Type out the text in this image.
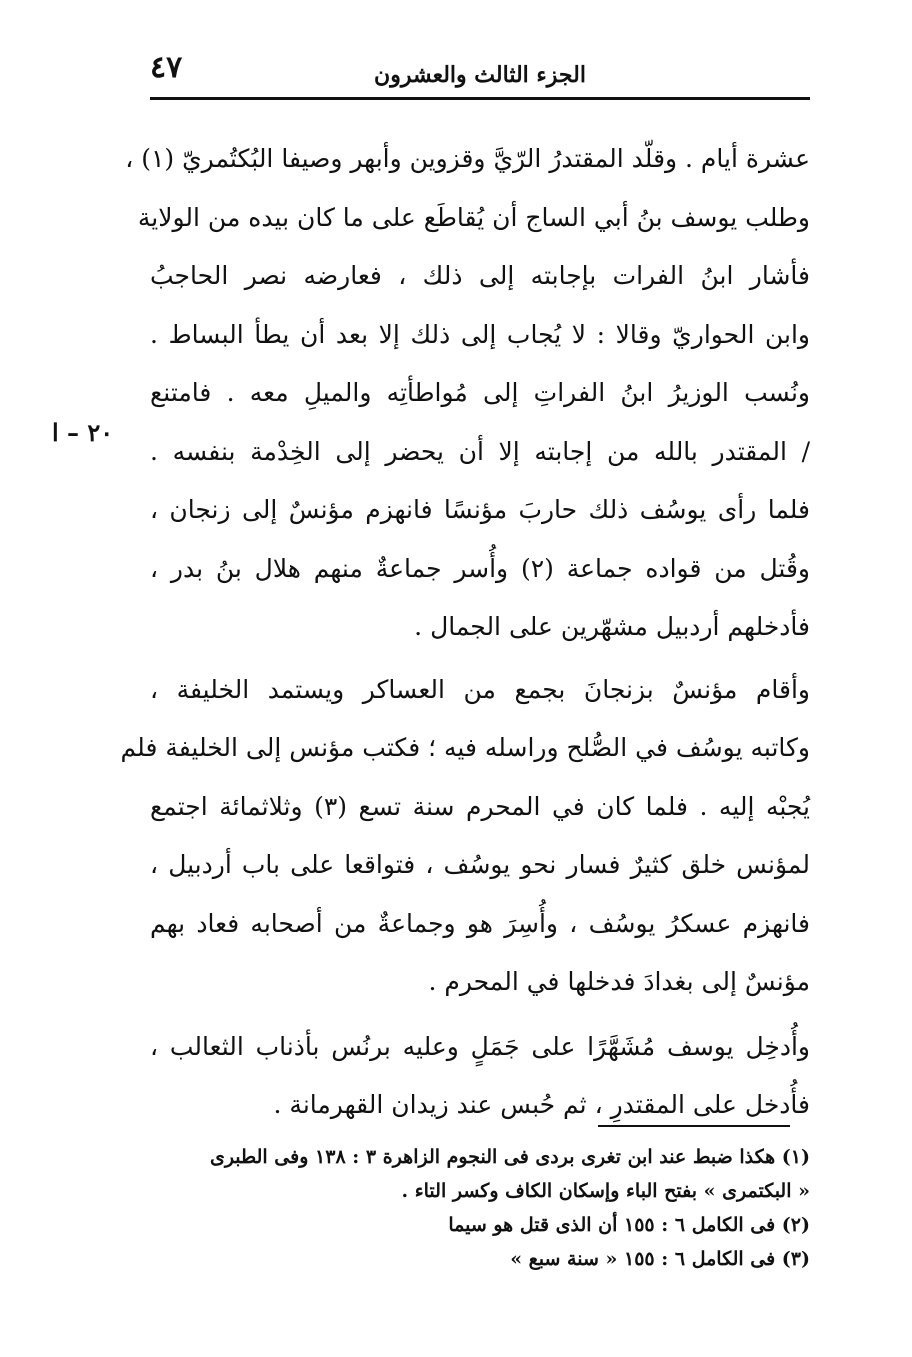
٤٧	الجزء الثالث والعشرون
٢٠ – ا
عشرة أيام . وقلّد المقتدرُ الرّيَّ وقزوين وأبهر وصيفا البُكتُمريّ (١) ،
وطلب يوسف بنُ أبي الساج أن يُقاطَع على ما كان بيده من الولاية
فأشار ابنُ الفرات بإجابته إلى ذلك ، فعارضه نصر الحاجبُ
وابن الحواريّ وقالا : لا يُجاب إلى ذلك إلا بعد أن يطأ البساط .
ونُسب الوزيرُ ابنُ الفراتِ إلى مُواطأتِه والميلِ معه . فامتنع
/ المقتدر بالله من إجابته إلا أن يحضر إلى الخِدْمة بنفسه .
فلما رأى يوسُف ذلك حاربَ مؤنسًا فانهزم مؤنسٌ إلى زنجان ،
وقُتل من قواده جماعة (٢) وأُسر جماعةٌ منهم هلال بنُ بدر ،
فأدخلهم أردبيل مشهّرين على الجمال .
وأقام مؤنسٌ بزنجانَ بجمع من العساكر ويستمد الخليفة ،
وكاتبه يوسُف في الصُّلح وراسله فيه ؛ فكتب مؤنس إلى الخليفة فلم
يُجبْه إليه . فلما كان في المحرم سنة تسع (٣) وثلاثمائة اجتمع
لمؤنس خلق كثيرٌ فسار نحو يوسُف ، فتواقعا على باب أردبيل ،
فانهزم عسكرُ يوسُف ، وأُسِرَ هو وجماعةٌ من أصحابه فعاد بهم
مؤنسٌ إلى بغدادَ فدخلها في المحرم .
وأُدخِل يوسف مُشَهَّرًا على جَمَلٍ وعليه برنُس بأذناب الثعالب ،
فأُدخل على المقتدرِ ، ثم حُبس عند زيدان القهرمانة .
(١) هكذا ضبط عند ابن تغرى بردى فى النجوم الزاهرة ٣ : ١٣٨ وفى الطبرى
« البكتمرى » بفتح الباء وإسكان الكاف وكسر التاء .
(٢) فى الكامل ٦ : ١٥٥ أن الذى قتل هو سيما
(٣) فى الكامل ٦ : ١٥٥ « سنة سبع »
